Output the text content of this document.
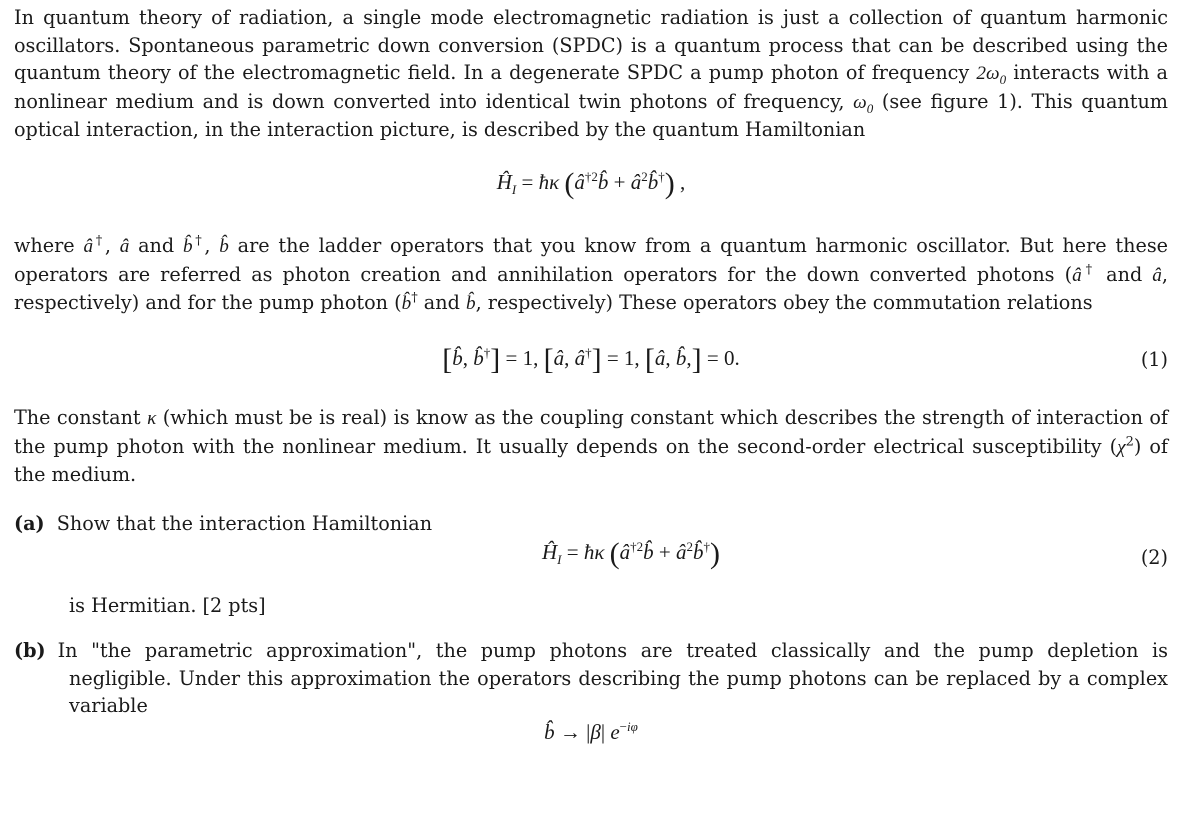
In quantum theory of radiation, a single mode electromagnetic radiation is just a collection of quantum harmonic oscillators. Spontaneous parametric down conversion (SPDC) is a quantum process that can be described using the quantum theory of the electromagnetic field. In a degenerate SPDC a pump photon of frequency $2\omega_0$ interacts with a nonlinear medium and is down converted into identical twin photons of frequency, $\omega_0$ (see figure 1). This quantum optical interaction, in the interaction picture, is described by the quantum Hamiltonian
$Ĥ_I$ = ħκ ($â^{\dagger 2}b̂$ + $â^2b̂^\dagger$) ,
where â†, â and b̂†, b̂ are the ladder operators that you know from a quantum harmonic oscillator. But here these operators are referred as photon creation and annihilation operators for the down converted photons (â† and â, respectively) and for the pump photon (b̂† and b̂, respectively) These operators obey the commutation relations
[b̂, b̂†] = 1, [â, â†] = 1, [â, b̂,] = 0.	(1)
The constant κ (which must be is real) is know as the coupling constant which describes the strength of interaction of the pump photon with the nonlinear medium. It usually depends on the second-order electrical susceptibility $(\chi^2)$ of the medium.
(a) Show that the interaction Hamiltonian
$Ĥ_I$ = ħκ ($â^{\dagger 2}b̂$ + $â^2b̂^\dagger$)	(2)
is Hermitian. [2 pts]
(b) In "the parametric approximation", the pump photons are treated classically and the pump depletion is negligible. Under this approximation the operators describing the pump photons can be replaced by a complex variable
b̂ → |β| $e^{-i\varphi}$
